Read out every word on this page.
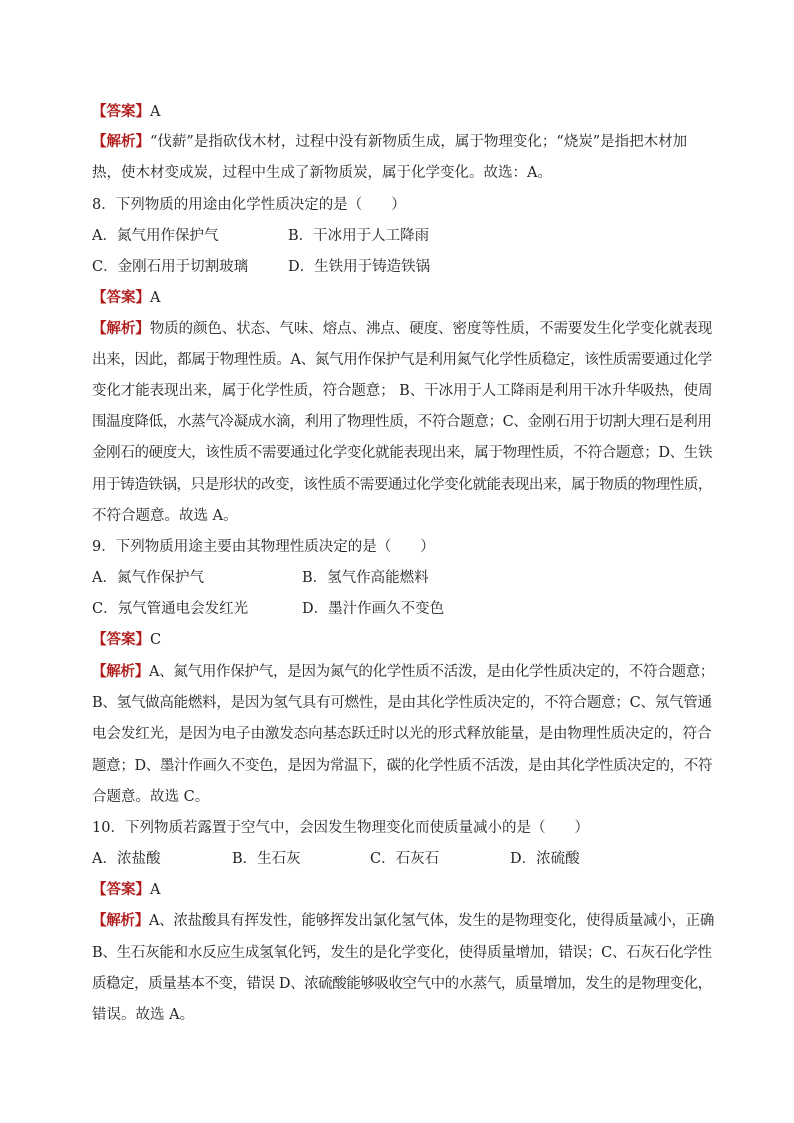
【答案】A
【解析】“伐薪”是指砍伐木材，过程中没有新物质生成，属于物理变化；“烧炭”是指把木材加
热，使木材变成炭，过程中生成了新物质炭，属于化学变化。故选：A。
8．下列物质的用途由化学性质决定的是（　　）
A．氮气用作保护气	B．干冰用于人工降雨
C．金刚石用于切割玻璃	D．生铁用于铸造铁锅
【答案】A
【解析】物质的颜色、状态、气味、熔点、沸点、硬度、密度等性质，不需要发生化学变化就表现
出来，因此，都属于物理性质。A、氮气用作保护气是利用氮气化学性质稳定，该性质需要通过化学
变化才能表现出来，属于化学性质，符合题意； B、干冰用于人工降雨是利用干冰升华吸热，使周
围温度降低，水蒸气冷凝成水滴，利用了物理性质，不符合题意；C、金刚石用于切割大理石是利用
金刚石的硬度大，该性质不需要通过化学变化就能表现出来，属于物理性质，不符合题意；D、生铁
用于铸造铁锅，只是形状的改变，该性质不需要通过化学变化就能表现出来，属于物质的物理性质，
不符合题意。故选 A。
9．下列物质用途主要由其物理性质决定的是（　　）
A．氮气作保护气	B．氢气作高能燃料
C．氖气管通电会发红光	D．墨汁作画久不变色
【答案】C
【解析】A、氮气用作保护气，是因为氮气的化学性质不活泼，是由化学性质决定的，不符合题意；
B、氢气做高能燃料，是因为氢气具有可燃性，是由其化学性质决定的，不符合题意；C、氖气管通
电会发红光，是因为电子由激发态向基态跃迁时以光的形式释放能量，是由物理性质决定的，符合
题意；D、墨汁作画久不变色，是因为常温下，碳的化学性质不活泼，是由其化学性质决定的，不符
合题意。故选 C。
10．下列物质若露置于空气中，会因发生物理变化而使质量减小的是（　　）
A．浓盐酸	B．生石灰	C．石灰石	D．浓硫酸
【答案】A
【解析】A、浓盐酸具有挥发性，能够挥发出氯化氢气体，发生的是物理变化，使得质量减小，正确
B、生石灰能和水反应生成氢氧化钙，发生的是化学变化，使得质量增加，错误；C、石灰石化学性
质稳定，质量基本不变，错误 D、浓硫酸能够吸收空气中的水蒸气，质量增加，发生的是物理变化，
错误。故选 A。
